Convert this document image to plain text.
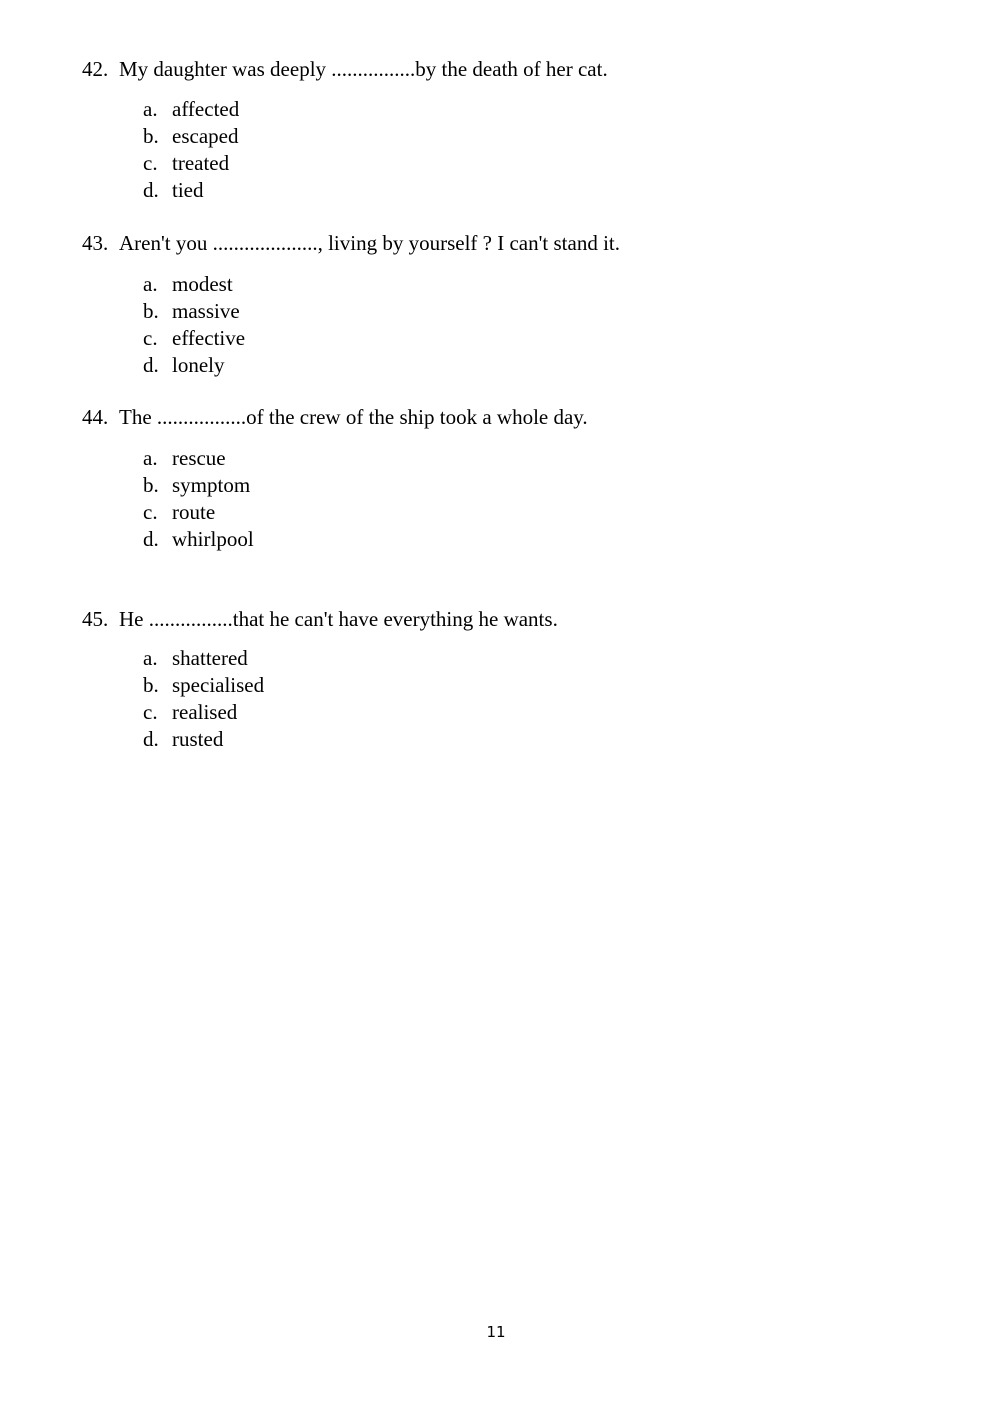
42. My daughter was deeply ................by the death of her cat.
a. affected
b. escaped
c. treated
d. tied
43. Aren't you ...................., living by yourself ? I can't stand it.
a. modest
b. massive
c. effective
d. lonely
44. The .................of the crew of the ship took a whole day.
a. rescue
b. symptom
c. route
d. whirlpool
45. He ................that he can't have everything he wants.
a. shattered
b. specialised
c. realised
d. rusted
11
